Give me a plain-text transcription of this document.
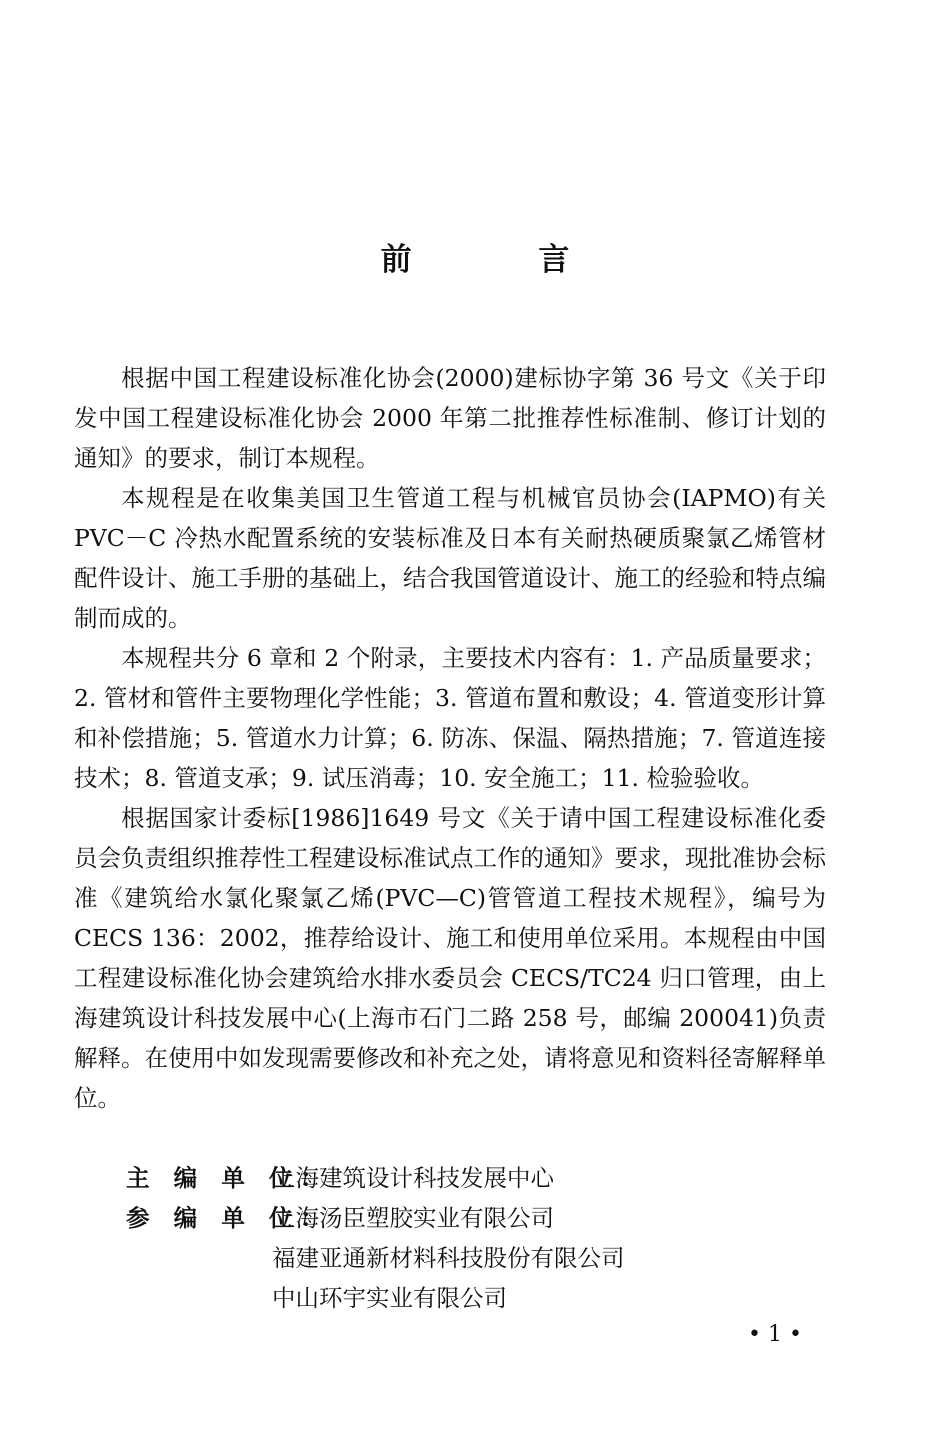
前 言

根据中国工程建设标准化协会(2000)建标协字第 36 号文《关于印发中国工程建设标准化协会 2000 年第二批推荐性标准制、修订计划的通知》的要求，制订本规程。

本规程是在收集美国卫生管道工程与机械官员协会(IAPMO)有关 PVC－C 冷热水配置系统的安装标准及日本有关耐热硬质聚氯乙烯管材配件设计、施工手册的基础上，结合我国管道设计、施工的经验和特点编制而成的。

本规程共分 6 章和 2 个附录，主要技术内容有：1. 产品质量要求；2. 管材和管件主要物理化学性能；3. 管道布置和敷设；4. 管道变形计算和补偿措施；5. 管道水力计算；6. 防冻、保温、隔热措施；7. 管道连接技术；8. 管道支承；9. 试压消毒；10. 安全施工；11. 检验验收。

根据国家计委标[1986]1649 号文《关于请中国工程建设标准化委员会负责组织推荐性工程建设标准试点工作的通知》要求，现批准协会标准《建筑给水氯化聚氯乙烯(PVC—C)管管道工程技术规程》，编号为 CECS 136：2002，推荐给设计、施工和使用单位采用。本规程由中国工程建设标准化协会建筑给水排水委员会 CECS/TC24 归口管理，由上海建筑设计科技发展中心(上海市石门二路 258 号，邮编 200041)负责解释。在使用中如发现需要修改和补充之处，请将意见和资料径寄解释单位。

主 编 单 位：上海建筑设计科技发展中心
参 编 单 位：上海汤臣塑胶实业有限公司
福建亚通新材料科技股份有限公司
中山环宇实业有限公司
• 1 •
